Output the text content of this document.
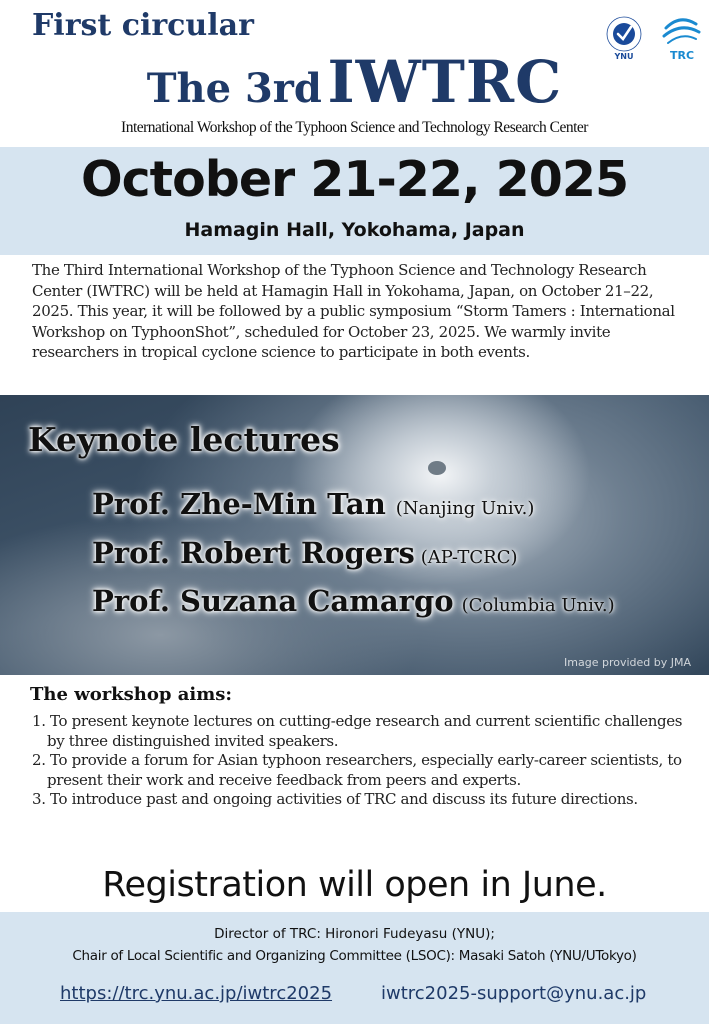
First circular
YNU	TRC
The 3rd IWTRC
International Workshop of the Typhoon Science and Technology Research Center
October 21-22, 2025
Hamagin Hall, Yokohama, Japan
The Third International Workshop of the Typhoon Science and Technology Research Center (IWTRC) will be held at Hamagin Hall in Yokohama, Japan, on October 21–22, 2025. This year, it will be followed by a public symposium “Storm Tamers : International Workshop on TyphoonShot”, scheduled for October 23, 2025. We warmly invite researchers in tropical cyclone science to participate in both events.
Keynote lectures
Prof. Zhe-Min Tan (Nanjing Univ.)
Prof. Robert Rogers (AP-TCRC)
Prof. Suzana Camargo (Columbia Univ.)
Image provided by JMA
The workshop aims:
1. To present keynote lectures on cutting-edge research and current scientific challenges by three distinguished invited speakers.
2. To provide a forum for Asian typhoon researchers, especially early-career scientists, to present their work and receive feedback from peers and experts.
3. To introduce past and ongoing activities of TRC and discuss its future directions.
Registration will open in June.
Director of TRC: Hironori Fudeyasu (YNU);
Chair of Local Scientific and Organizing Committee (LSOC): Masaki Satoh (YNU/UTokyo)
https://trc.ynu.ac.jp/iwtrc2025	iwtrc2025-support@ynu.ac.jp
